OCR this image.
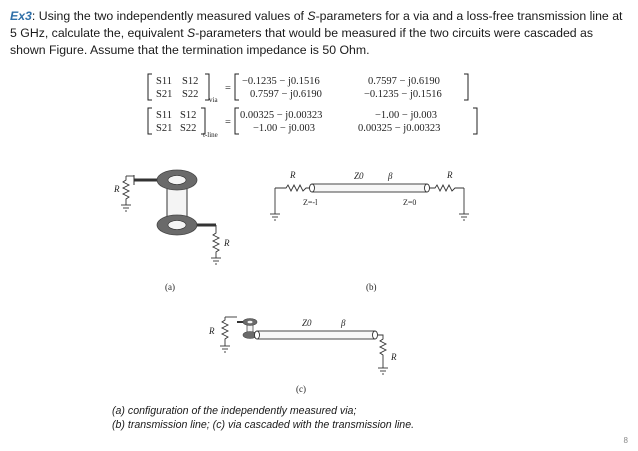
Ex3: Using the two independently measured values of S-parameters for a via and a loss-free transmission line at 5 GHz, calculate the, equivalent S-parameters that would be measured if the two circuits were cascaded as shown Figure. Assume that the termination impedance is 50 Ohm.

S11 S12
S21 S22 via
=
−0.1235 − j0.1516	0.7597 − j0.6190
0.7597 − j0.6190	−0.1235 − j0.1516
S11 S12
S21 S22
t-line
=
0.00325 − j0.00323	−1.00 − j0.003
−1.00 − j0.003	0.00325 − j0.00323
R
R
(a)
R	Z0	β
Z=-l	Z=0
R
(b)
R
Z0	β
R
(c)

(a) configuration of the independently measured via;
(b) transmission line; (c) via cascaded with the transmission line.

8
